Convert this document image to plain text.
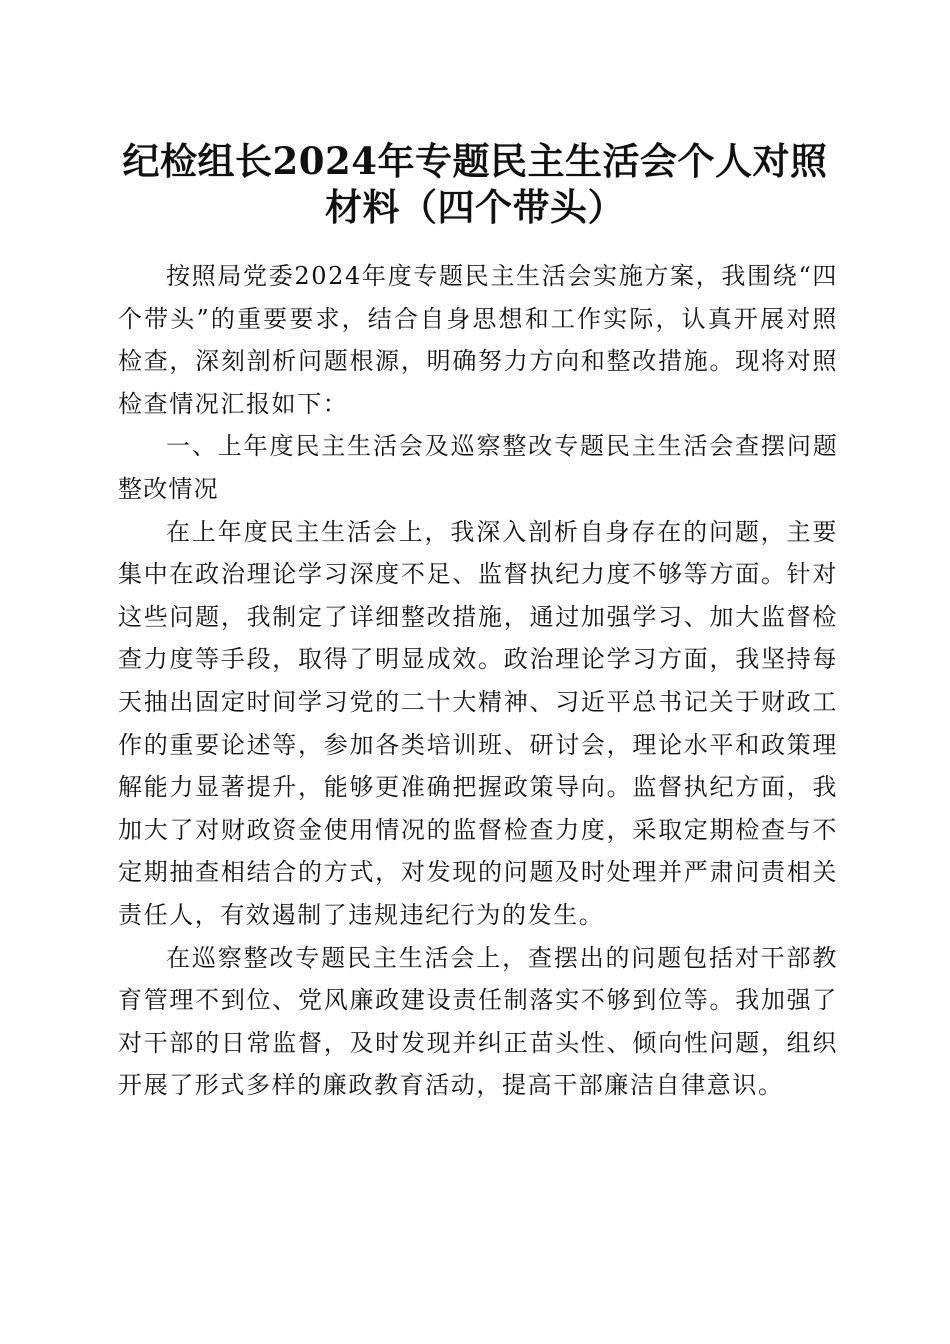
纪检组长2024年专题民主生活会个人对照材料（四个带头）

按照局党委2024年度专题民主生活会实施方案，我围绕“四个带头”的重要要求，结合自身思想和工作实际，认真开展对照检查，深刻剖析问题根源，明确努力方向和整改措施。现将对照检查情况汇报如下：

一、上年度民主生活会及巡察整改专题民主生活会查摆问题整改情况

在上年度民主生活会上，我深入剖析自身存在的问题，主要集中在政治理论学习深度不足、监督执纪力度不够等方面。针对这些问题，我制定了详细整改措施，通过加强学习、加大监督检查力度等手段，取得了明显成效。政治理论学习方面，我坚持每天抽出固定时间学习党的二十大精神、习近平总书记关于财政工作的重要论述等，参加各类培训班、研讨会，理论水平和政策理解能力显著提升，能够更准确把握政策导向。监督执纪方面，我加大了对财政资金使用情况的监督检查力度，采取定期检查与不定期抽查相结合的方式，对发现的问题及时处理并严肃问责相关责任人，有效遏制了违规违纪行为的发生。

在巡察整改专题民主生活会上，查摆出的问题包括对干部教育管理不到位、党风廉政建设责任制落实不够到位等。我加强了对干部的日常监督，及时发现并纠正苗头性、倾向性问题，组织开展了形式多样的廉政教育活动，提高干部廉洁自律意识。
